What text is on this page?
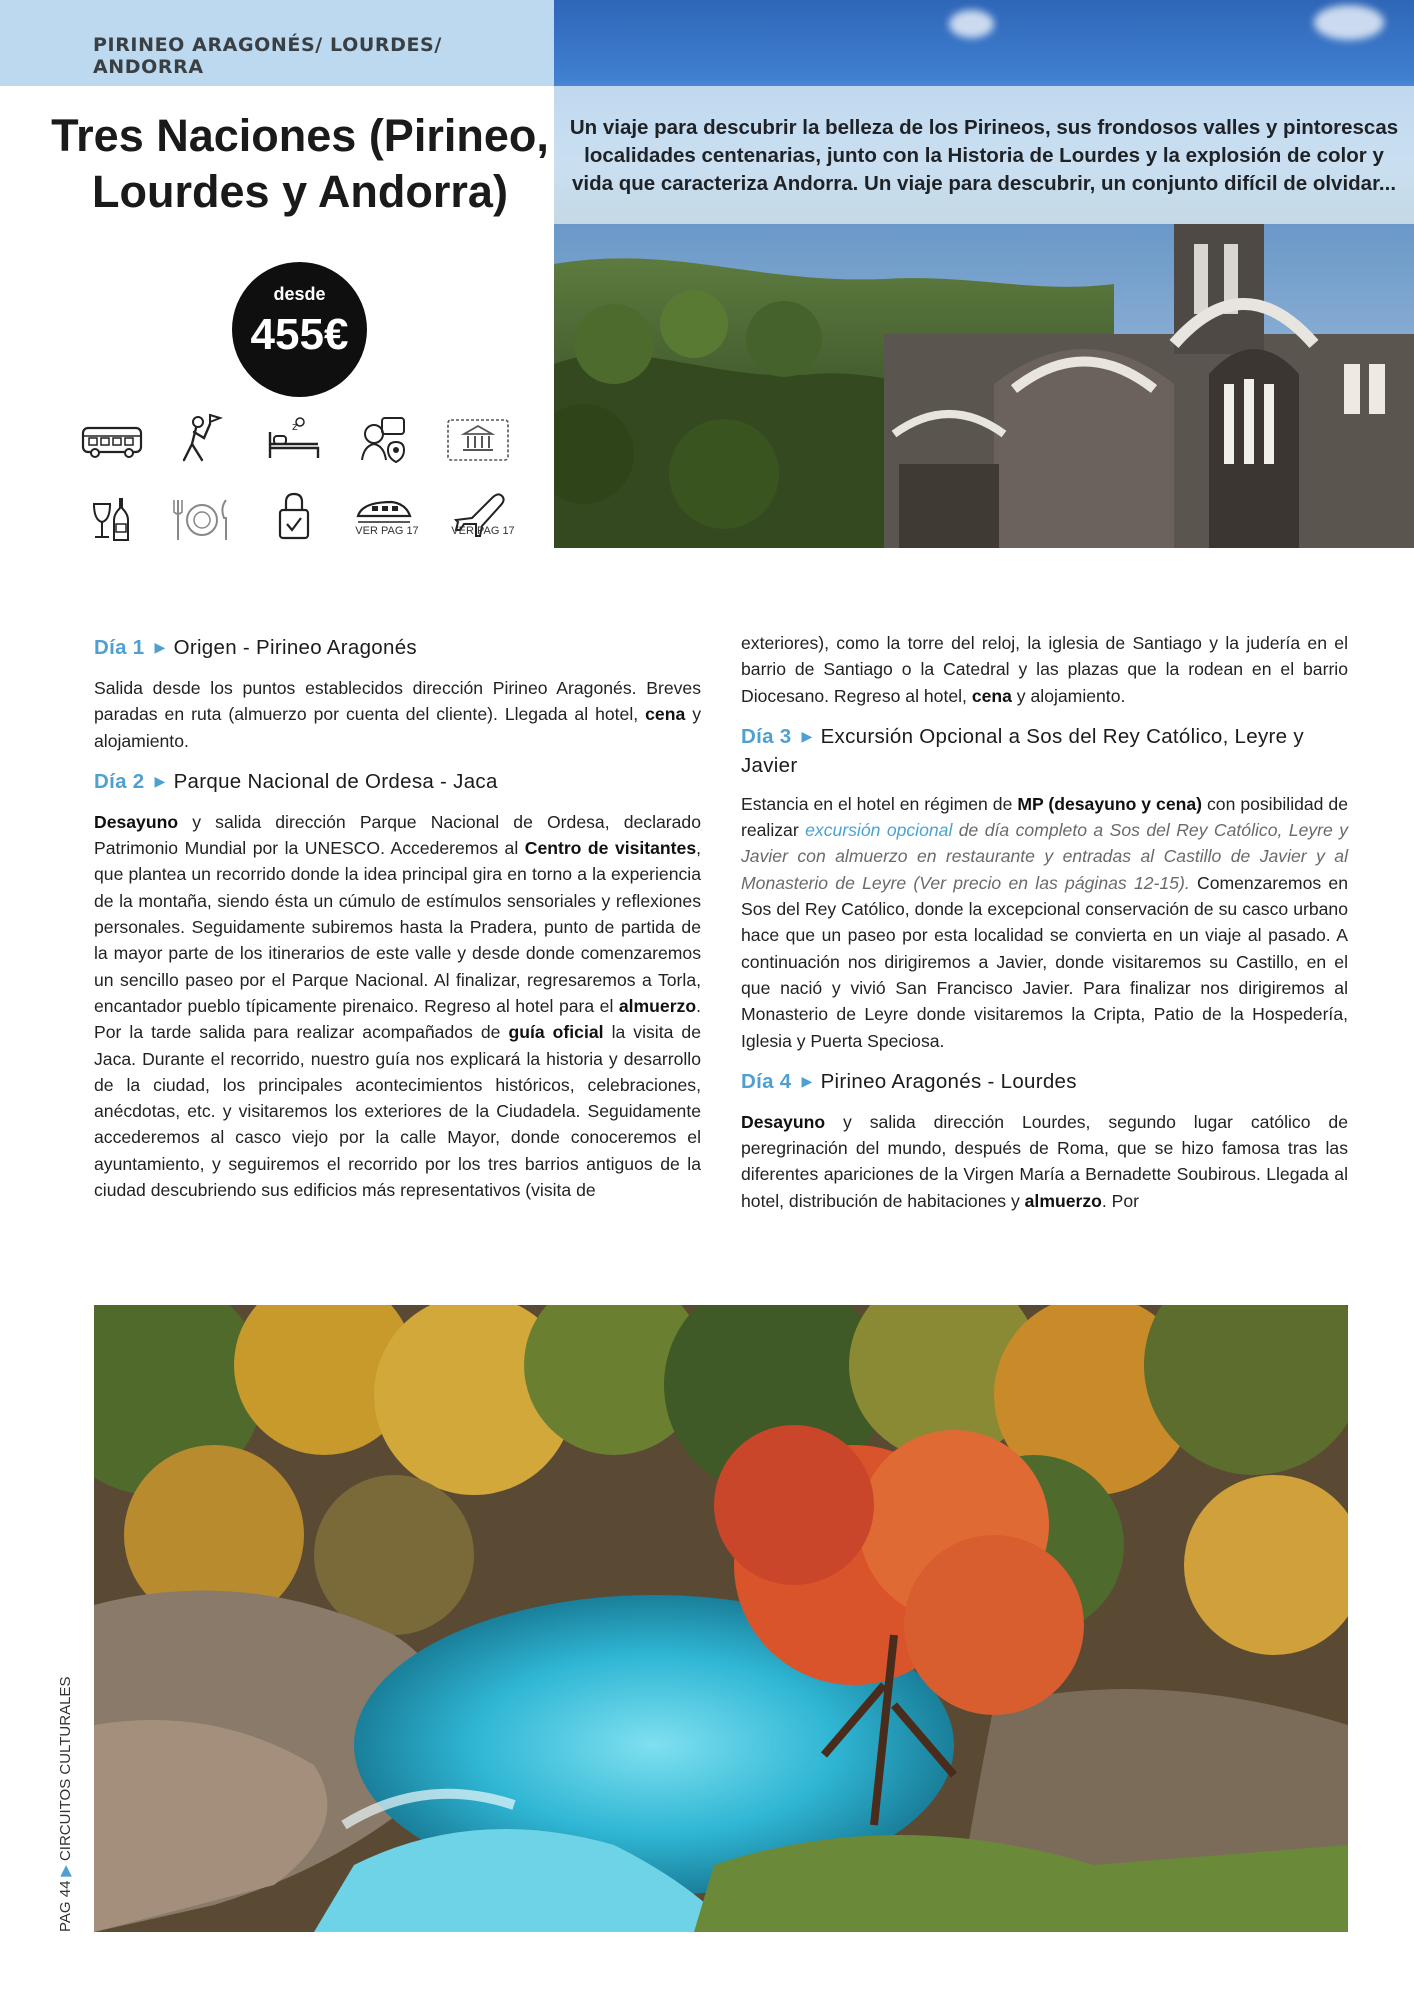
PIRINEO ARAGONÉS/ LOURDES/ ANDORRA

Un viaje para descubrir la belleza de los Pirineos, sus frondosos valles y pintorescas localidades centenarias, junto con la Historia de Lourdes y la explosión de color y vida que caracteriza Andorra. Un viaje para descubrir, un conjunto difícil de olvidar...

Tres Naciones (Pirineo,
Lourdes y Andorra)
desde
455€
z
VER PAG 17	VER PAG 17
Día 1 ▶ Origen - Pirineo Aragonés

Salida desde los puntos establecidos dirección Pirineo Aragonés. Breves paradas en ruta (almuerzo por cuenta del cliente). Llegada al hotel, cena y alojamiento.

Día 2 ▶ Parque Nacional de Ordesa - Jaca

Desayuno y salida dirección Parque Nacional de Ordesa, declarado Patrimonio Mundial por la UNESCO. Accederemos al Centro de visitantes, que plantea un recorrido donde la idea principal gira en torno a la experiencia de la montaña, siendo ésta un cúmulo de estímulos sensoriales y reflexiones personales. Seguidamente subiremos hasta la Pradera, punto de partida de la mayor parte de los itinerarios de este valle y desde donde comenzaremos un sencillo paseo por el Parque Nacional. Al finalizar, regresaremos a Torla, encantador pueblo típicamente pirenaico. Regreso al hotel para el almuerzo. Por la tarde salida para realizar acompañados de guía oficial la visita de Jaca. Durante el recorrido, nuestro guía nos explicará la historia y desarrollo de la ciudad, los principales acontecimientos históricos, celebraciones, anécdotas, etc. y visitaremos los exteriores de la Ciudadela. Seguidamente accederemos al casco viejo por la calle Mayor, donde conoceremos el ayuntamiento, y seguiremos el recorrido por los tres barrios antiguos de la ciudad descubriendo sus edificios más representativos (visita de

exteriores), como la torre del reloj, la iglesia de Santiago y la judería en el barrio de Santiago o la Catedral y las plazas que la rodean en el barrio Diocesano. Regreso al hotel, cena y alojamiento.

Día 3 ▶ Excursión Opcional a Sos del Rey Católico, Leyre y Javier

Estancia en el hotel en régimen de MP (desayuno y cena) con posibilidad de realizar excursión opcional de día completo a Sos del Rey Católico, Leyre y Javier con almuerzo en restaurante y entradas al Castillo de Javier y al Monasterio de Leyre (Ver precio en las páginas 12-15). Comenzaremos en Sos del Rey Católico, donde la excepcional conservación de su casco urbano hace que un paseo por esta localidad se convierta en un viaje al pasado. A continuación nos dirigiremos a Javier, donde visitaremos su Castillo, en el que nació y vivió San Francisco Javier. Para finalizar nos dirigiremos al Monasterio de Leyre donde visitaremos la Cripta, Patio de la Hospedería, Iglesia y Puerta Speciosa.

Día 4 ▶ Pirineo Aragonés - Lourdes

Desayuno y salida dirección Lourdes, segundo lugar católico de peregrinación del mundo, después de Roma, que se hizo famosa tras las diferentes apariciones de la Virgen María a Bernadette Soubirous. Llegada al hotel, distribución de habitaciones y almuerzo. Por

PAG 44▶CIRCUITOS CULTURALES
